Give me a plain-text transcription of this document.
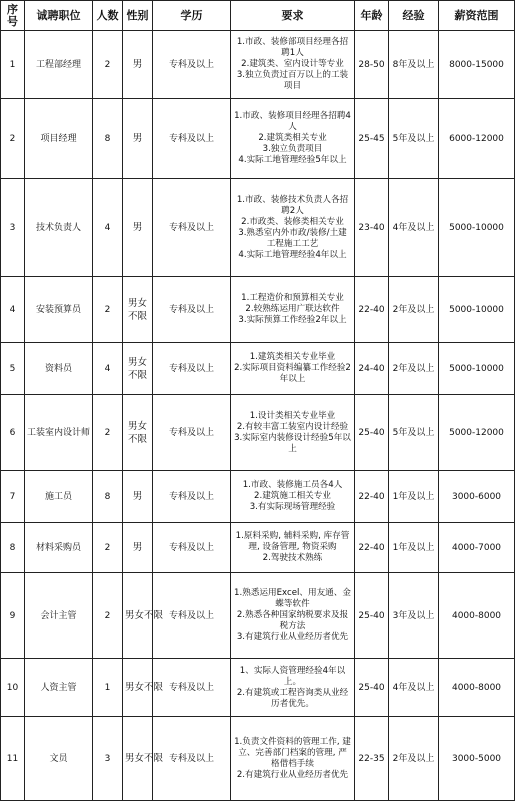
序号	诚聘职位	人数	性别	学历	要求	年龄	经验	薪资范围
1	工程部经理	2	男	专科及以上	1.市政、装修部项目经理各招聘1人
2.建筑类、室内设计等专业
3.独立负责过百万以上的工装项目	28-50	8年及以上	8000-15000
2	项目经理	8	男	专科及以上	1.市政、装修项目经理各招聘4人
2.建筑类相关专业
3.独立负责项目
4.实际工地管理经验5年以上	25-45	5年及以上	6000-12000
3	技术负责人	4	男	专科及以上	1.市政、装修技术负责人各招聘2人
2.市政类、装修类相关专业
3.熟悉室内外市政/装修/土建工程施工工艺
4.实际工地管理经验4年以上	23-40	4年及以上	5000-10000
4	安装预算员	2	男女不限	专科及以上	1.工程造价和预算相关专业
2.较熟练运用广联达软件
3.实际预算工作经验2年以上	22-40	2年及以上	5000-10000
5	资料员	4	男女不限	专科及以上	1.建筑类相关专业毕业
2.实际项目资料编纂工作经验2年以上	24-40	2年及以上	5000-10000
6	工装室内设计师	2	男女不限	专科及以上	1.设计类相关专业毕业
2.有较丰富工装室内设计经验
3.实际室内装修设计经验5年以上	25-40	5年及以上	5000-12000
7	施工员	8	男	专科及以上	1.市政、装修施工员各4人
2.建筑施工相关专业
3.有实际现场管理经验	22-40	1年及以上	3000-6000
8	材料采购员	2	男	专科及以上	1.原料采购, 辅料采购, 库存管理, 设备管理, 物资采购
2.驾驶技术熟练	22-40	1年及以上	4000-7000
9	会计主管	2	男女不限	专科及以上	1.熟悉运用Excel、用友通、金蝶等软件
2.熟悉各种国家纳税要求及报税方法
3.有建筑行业从业经历者优先	25-40	3年及以上	4000-8000
10	人资主管	1	男女不限	专科及以上	1、实际人资管理经验4年以上。
2.有建筑或工程咨询类从业经历者优先。	25-40	4年及以上	4000-8000
11	文员	3	男女不限	专科及以上	1.负责文件资料的管理工作, 建立、完善部门档案的管理, 严格借档手续
2.有建筑行业从业经历者优先	22-35	2年及以上	3000-5000
